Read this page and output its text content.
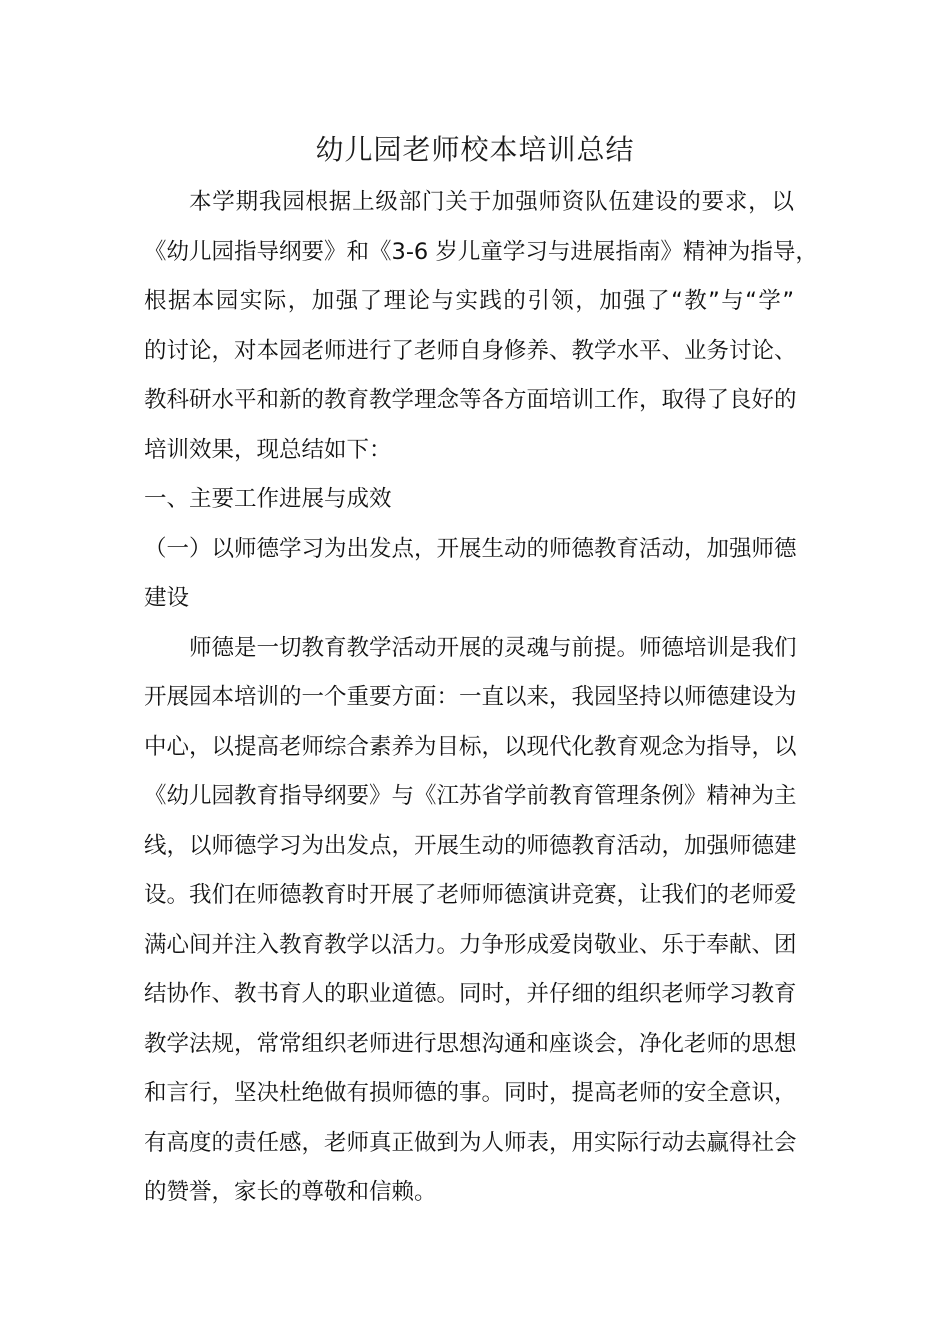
幼儿园老师校本培训总结
本学期我园根据上级部门关于加强师资队伍建设的要求，以
《幼儿园指导纲要》和《3-6 岁儿童学习与进展指南》精神为指导，
根据本园实际，加强了理论与实践的引领，加强了“教”与“学”
的讨论，对本园老师进行了老师自身修养、教学水平、业务讨论、
教科研水平和新的教育教学理念等各方面培训工作，取得了良好的
培训效果，现总结如下：
一、主要工作进展与成效
（一）以师德学习为出发点，开展生动的师德教育活动，加强师德
建设
师德是一切教育教学活动开展的灵魂与前提。师德培训是我们
开展园本培训的一个重要方面：一直以来，我园坚持以师德建设为
中心，以提高老师综合素养为目标，以现代化教育观念为指导，以
《幼儿园教育指导纲要》与《江苏省学前教育管理条例》精神为主
线，以师德学习为出发点，开展生动的师德教育活动，加强师德建
设。我们在师德教育时开展了老师师德演讲竞赛，让我们的老师爱
满心间并注入教育教学以活力。力争形成爱岗敬业、乐于奉献、团
结协作、教书育人的职业道德。同时，并仔细的组织老师学习教育
教学法规，常常组织老师进行思想沟通和座谈会，净化老师的思想
和言行，坚决杜绝做有损师德的事。同时，提高老师的安全意识，
有高度的责任感，老师真正做到为人师表，用实际行动去赢得社会
的赞誉，家长的尊敬和信赖。
